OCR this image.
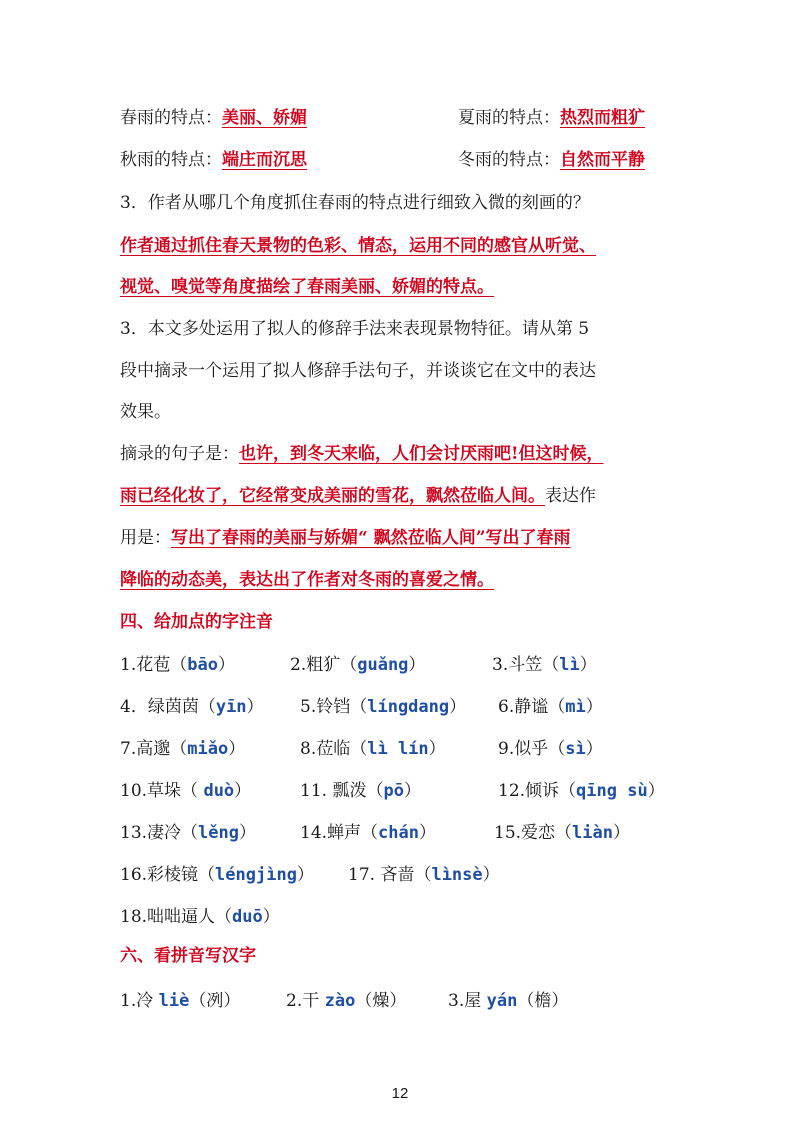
春雨的特点：美丽、娇媚	夏雨的特点：热烈而粗犷
秋雨的特点：端庄而沉思	冬雨的特点：自然而平静
3．作者从哪几个角度抓住春雨的特点进行细致入微的刻画的？
作者通过抓住春天景物的色彩、情态，运用不同的感官从听觉、
视觉、嗅觉等角度描绘了春雨美丽、娇媚的特点。
3．本文多处运用了拟人的修辞手法来表现景物特征。请从第 5
段中摘录一个运用了拟人修辞手法句子，并谈谈它在文中的表达
效果。
摘录的句子是：也许，到冬天来临，人们会讨厌雨吧!但这时候，
雨已经化妆了，它经常变成美丽的雪花，飘然莅临人间。表达作
用是：写出了春雨的美丽与娇媚“ 飘然莅临人间”写出了春雨
降临的动态美，表达出了作者对冬雨的喜爱之情。
四、给加点的字注音
1.花苞（bāo）	2.粗犷（guǎng）	3.斗笠（lì）
4．绿茵茵（yīn） 5.铃铛（língdang） 6.静谧（mì）
7.高邈（miǎo）	8.莅临（lì lín）	9.似乎（sì）
10.草垛（ duò）	11. 瓢泼（pō）	12.倾诉（qīng sù）
13.凄冷（lěng）	14.蝉声（chán）	15.爱恋（liàn）
16.彩棱镜（léngjìng） 17. 吝啬（lìnsè）
18.咄咄逼人（duō）
六、看拼音写汉字
1.冷 liè（冽）	2.干 zào（燥） 3.屋 yán（檐）
12
